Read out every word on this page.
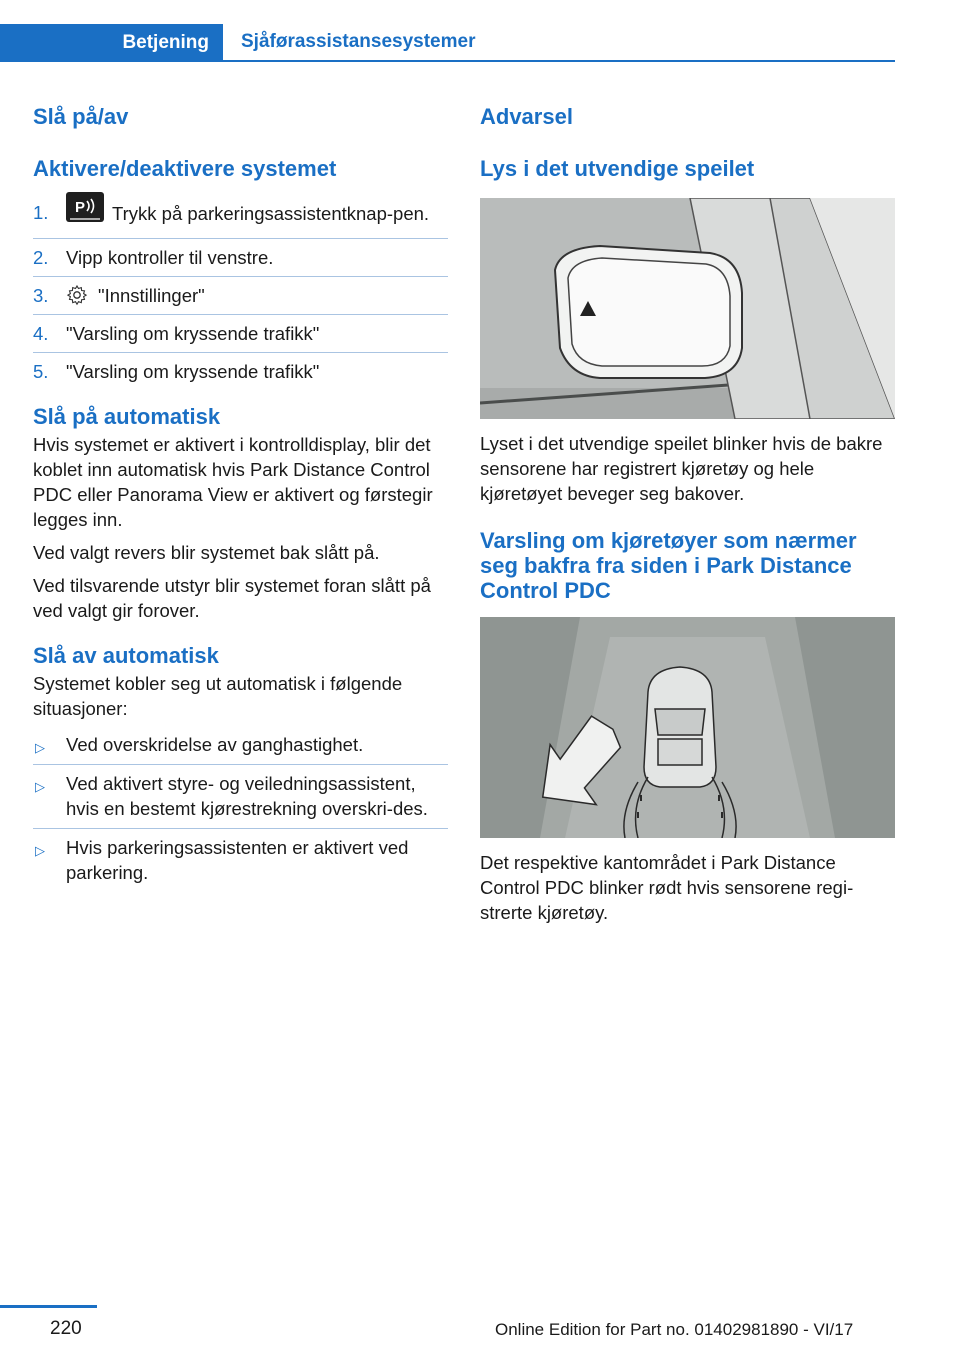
Betjening	Sjåførassistansesystemer
Slå på/av
Aktivere/deaktivere systemet
1. P Trykk på parkeringsassistentknap-pen.
2. Vipp kontroller til venstre.
3.	"Innstillinger"
4. "Varsling om kryssende trafikk"
5. "Varsling om kryssende trafikk"
Slå på automatisk

Hvis systemet er aktivert i kontrolldisplay, blir det koblet inn automatisk hvis Park Distance Control PDC eller Panorama View er aktivert og førstegir legges inn.

Ved valgt revers blir systemet bak slått på.

Ved tilsvarende utstyr blir systemet foran slått på ved valgt gir forover.

Slå av automatisk

Systemet kobler seg ut automatisk i følgende situasjoner:

▷ Ved overskridelse av ganghastighet.
▷ Ved aktivert styre- og veiledningsassistent, hvis en bestemt kjørestrekning overskri-des.
▷ Hvis parkeringsassistenten er aktivert ved parkering.
Advarsel
Lys i det utvendige speilet

Lyset i det utvendige speilet blinker hvis de bakre sensorene har registrert kjøretøy og hele kjøretøyet beveger seg bakover.

Varsling om kjøretøyer som nærmer seg bakfra fra siden i Park Distance Control PDC

Det respektive kantområdet i Park Distance Control PDC blinker rødt hvis sensorene regi-strerte kjøretøy.

220	Online Edition for Part no. 01402981890 - VI/17
